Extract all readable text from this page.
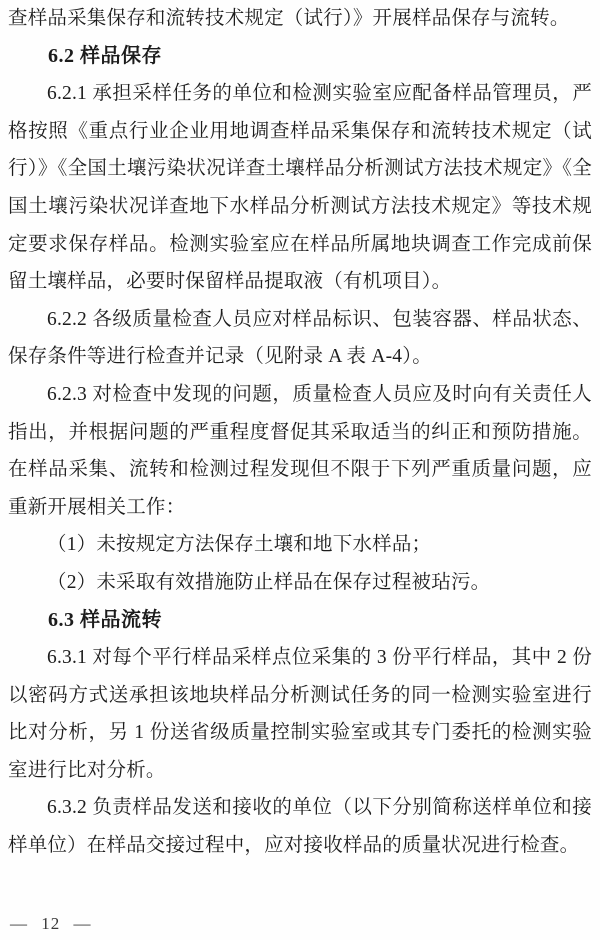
查样品采集保存和流转技术规定（试行）》开展样品保存与流转。

6.2 样品保存

6.2.1 承担采样任务的单位和检测实验室应配备样品管理员，严格按照《重点行业企业用地调查样品采集保存和流转技术规定（试行）》《全国土壤污染状况详查土壤样品分析测试方法技术规定》《全国土壤污染状况详查地下水样品分析测试方法技术规定》等技术规定要求保存样品。检测实验室应在样品所属地块调查工作完成前保留土壤样品，必要时保留样品提取液（有机项目）。

6.2.2 各级质量检查人员应对样品标识、包装容器、样品状态、保存条件等进行检查并记录（见附录 A 表 A-4）。

6.2.3 对检查中发现的问题，质量检查人员应及时向有关责任人指出，并根据问题的严重程度督促其采取适当的纠正和预防措施。在样品采集、流转和检测过程发现但不限于下列严重质量问题，应重新开展相关工作：

（1）未按规定方法保存土壤和地下水样品；

（2）未采取有效措施防止样品在保存过程被玷污。

6.3 样品流转

6.3.1 对每个平行样品采样点位采集的 3 份平行样品，其中 2 份以密码方式送承担该地块样品分析测试任务的同一检测实验室进行比对分析，另 1 份送省级质量控制实验室或其专门委托的检测实验室进行比对分析。

6.3.2 负责样品发送和接收的单位（以下分别简称送样单位和接样单位）在样品交接过程中，应对接收样品的质量状况进行检查。

— 12 —
